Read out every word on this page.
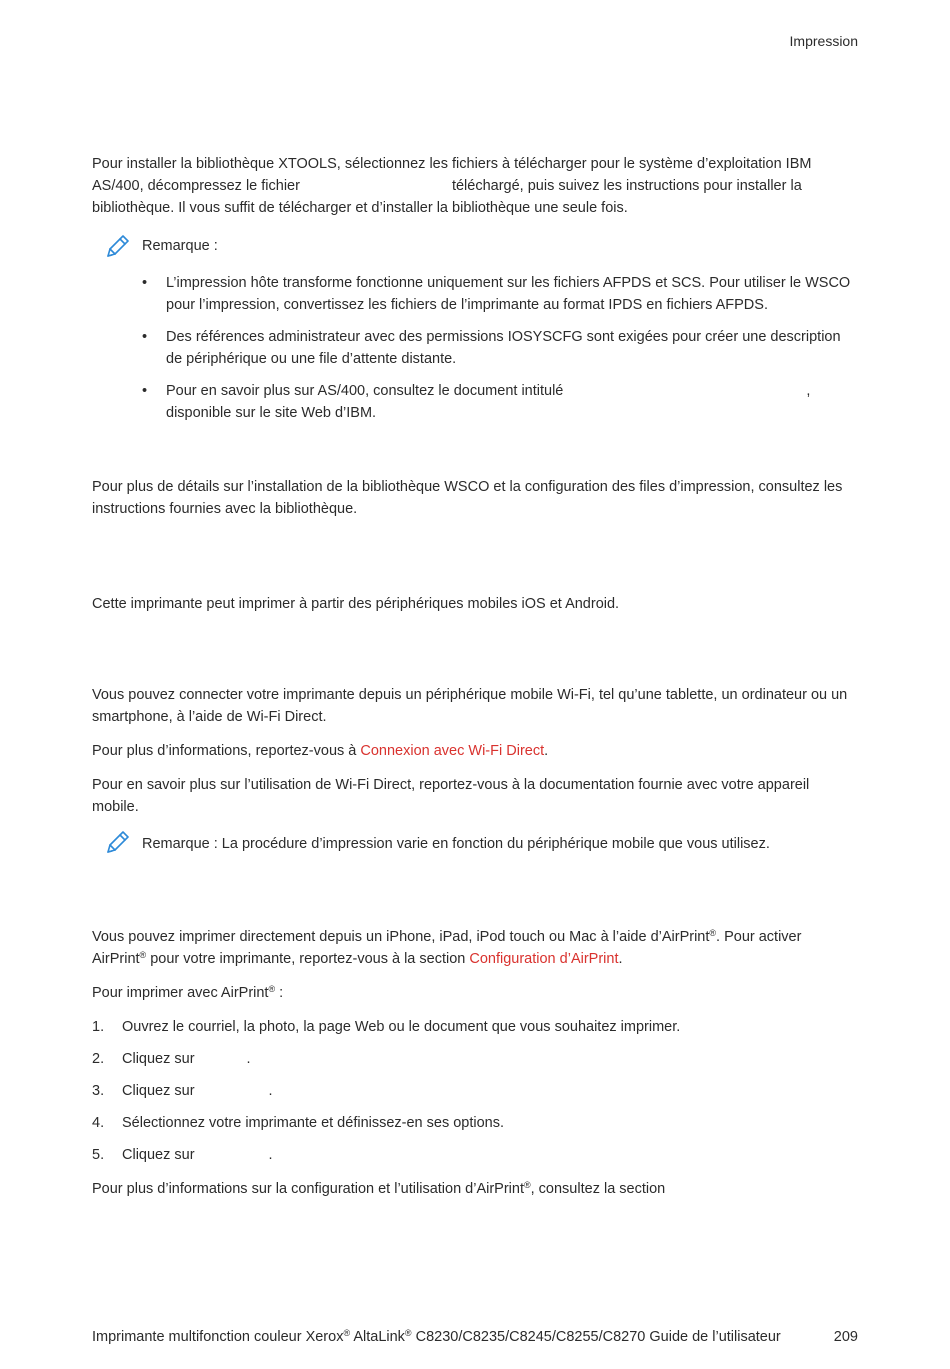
Impression
Pour installer la bibliothèque XTOOLS, sélectionnez les fichiers à télécharger pour le système d’exploitation IBM AS/400, décompressez le fichier	téléchargé, puis suivez les instructions pour installer la bibliothèque. Il vous suffit de télécharger et d’installer la bibliothèque une seule fois.
Remarque :
• L’impression hôte transforme fonctionne uniquement sur les fichiers AFPDS et SCS. Pour utiliser le WSCO pour l’impression, convertissez les fichiers de l’imprimante au format IPDS en fichiers AFPDS.
• Des références administrateur avec des permissions IOSYSCFG sont exigées pour créer une description de périphérique ou une file d’attente distante.
• Pour en savoir plus sur AS/400, consultez le document intitulé	,
disponible sur le site Web d’IBM.
Pour plus de détails sur l’installation de la bibliothèque WSCO et la configuration des files d’impression, consultez les instructions fournies avec la bibliothèque.
Cette imprimante peut imprimer à partir des périphériques mobiles iOS et Android.
Vous pouvez connecter votre imprimante depuis un périphérique mobile Wi-Fi, tel qu’une tablette, un ordinateur ou un smartphone, à l’aide de Wi-Fi Direct.
Pour plus d’informations, reportez-vous à Connexion avec Wi-Fi Direct.
Pour en savoir plus sur l’utilisation de Wi-Fi Direct, reportez-vous à la documentation fournie avec votre appareil mobile.
Remarque : La procédure d’impression varie en fonction du périphérique mobile que vous utilisez.
Vous pouvez imprimer directement depuis un iPhone, iPad, iPod touch ou Mac à l’aide d’AirPrint®. Pour activer AirPrint® pour votre imprimante, reportez-vous à la section Configuration d’AirPrint.
Pour imprimer avec AirPrint® :
1. Ouvrez le courriel, la photo, la page Web ou le document que vous souhaitez imprimer.
2. Cliquez sur	.
3. Cliquez sur	.
4. Sélectionnez votre imprimante et définissez-en ses options.
5. Cliquez sur	.
Pour plus d’informations sur la configuration et l’utilisation d’AirPrint®, consultez la section
Imprimante multifonction couleur Xerox® AltaLink® C8230/C8235/C8245/C8255/C8270 Guide de l’utilisateur	209
